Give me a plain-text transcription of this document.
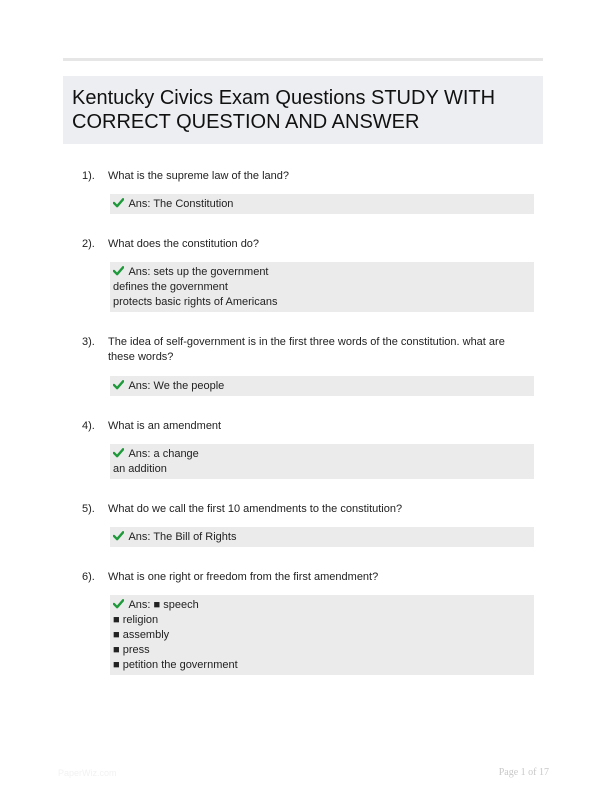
Kentucky Civics Exam Questions STUDY WITH CORRECT QUESTION AND ANSWER
1). What is the supreme law of the land?
Ans: The Constitution
2). What does the constitution do?
Ans: sets up the government
defines the government
protects basic rights of Americans
3). The idea of self-government is in the first three words of the constitution. what are these words?
Ans: We the people
4). What is an amendment
Ans: a change
an addition
5). What do we call the first 10 amendments to the constitution?
Ans: The Bill of Rights
6). What is one right or freedom from the first amendment?
Ans: ■ speech
■ religion
■ assembly
■ press
■ petition the government
PaperWiz.com	Page 1 of 17
